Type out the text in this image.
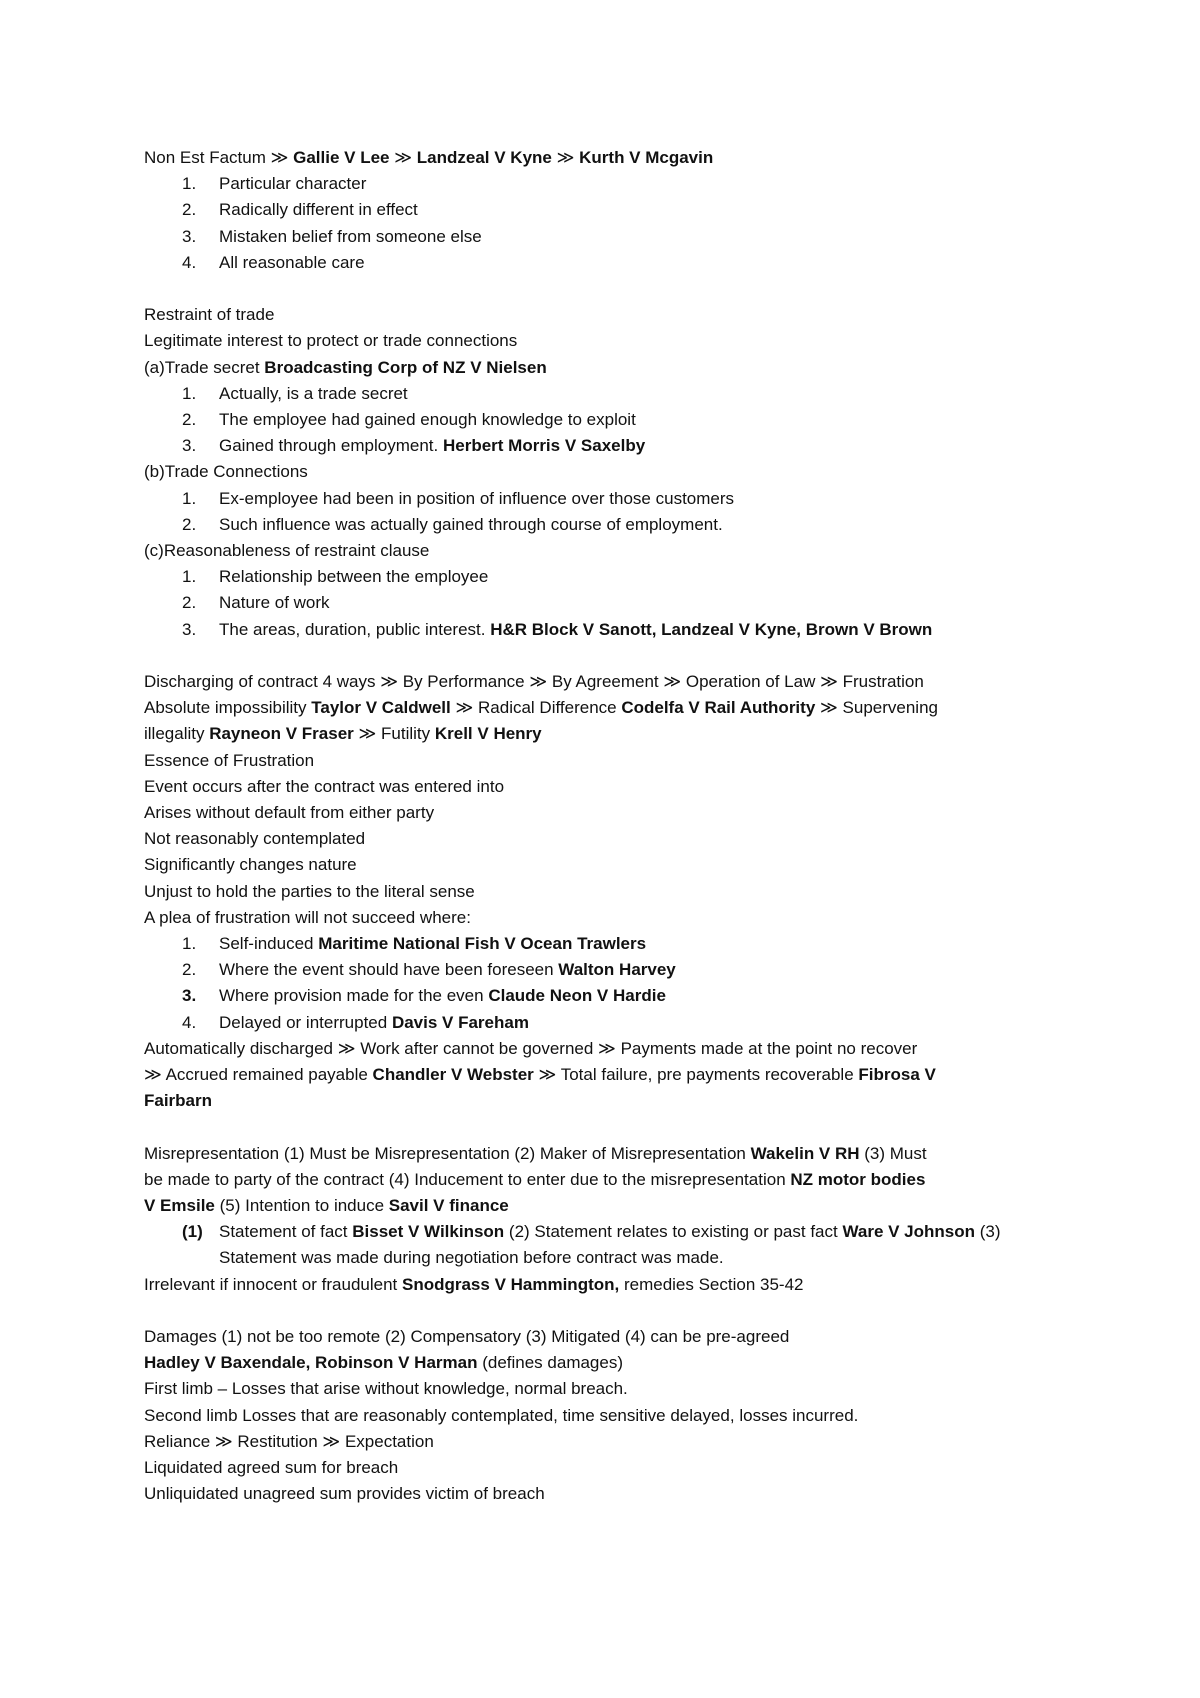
Non Est Factum ≫ Gallie V Lee ≫ Landzeal V Kyne ≫ Kurth V Mcgavin
1.	Particular character
2.	Radically different in effect
3.	Mistaken belief from someone else
4.	All reasonable care
Restraint of trade
Legitimate interest to protect or trade connections
(a)Trade secret Broadcasting Corp of NZ V Nielsen
1.	Actually, is a trade secret
2.	The employee had gained enough knowledge to exploit
3.	Gained through employment. Herbert Morris V Saxelby
(b)Trade Connections
1.	Ex-employee had been in position of influence over those customers
2.	Such influence was actually gained through course of employment.
(c)Reasonableness of restraint clause
1.	Relationship between the employee
2.	Nature of work
3.	The areas, duration, public interest. H&R Block V Sanott, Landzeal V Kyne, Brown V Brown
Discharging of contract 4 ways ≫ By Performance ≫ By Agreement ≫ Operation of Law ≫ Frustration
Absolute impossibility Taylor V Caldwell ≫ Radical Difference Codelfa V Rail Authority ≫ Supervening
illegality Rayneon V Fraser ≫ Futility Krell V Henry
Essence of Frustration
Event occurs after the contract was entered into
Arises without default from either party
Not reasonably contemplated
Significantly changes nature
Unjust to hold the parties to the literal sense
A plea of frustration will not succeed where:
1.	Self-induced Maritime National Fish V Ocean Trawlers
2.	Where the event should have been foreseen Walton Harvey
3.	Where provision made for the even Claude Neon V Hardie
4.	Delayed or interrupted Davis V Fareham
Automatically discharged ≫ Work after cannot be governed ≫ Payments made at the point no recover
≫ Accrued remained payable Chandler V Webster ≫ Total failure, pre payments recoverable Fibrosa V
Fairbarn
Misrepresentation (1) Must be Misrepresentation (2) Maker of Misrepresentation Wakelin V RH (3) Must
be made to party of the contract (4) Inducement to enter due to the misrepresentation NZ motor bodies
V Emsile (5) Intention to induce Savil V finance
(1) Statement of fact Bisset V Wilkinson (2) Statement relates to existing or past fact Ware V Johnson (3) Statement was made during negotiation before contract was made.
Irrelevant if innocent or fraudulent Snodgrass V Hammington, remedies Section 35-42
Damages (1) not be too remote (2) Compensatory (3) Mitigated (4) can be pre-agreed
Hadley V Baxendale, Robinson V Harman (defines damages)
First limb – Losses that arise without knowledge, normal breach.
Second limb Losses that are reasonably contemplated, time sensitive delayed, losses incurred.
Reliance ≫ Restitution ≫ Expectation
Liquidated agreed sum for breach
Unliquidated unagreed sum provides victim of breach
